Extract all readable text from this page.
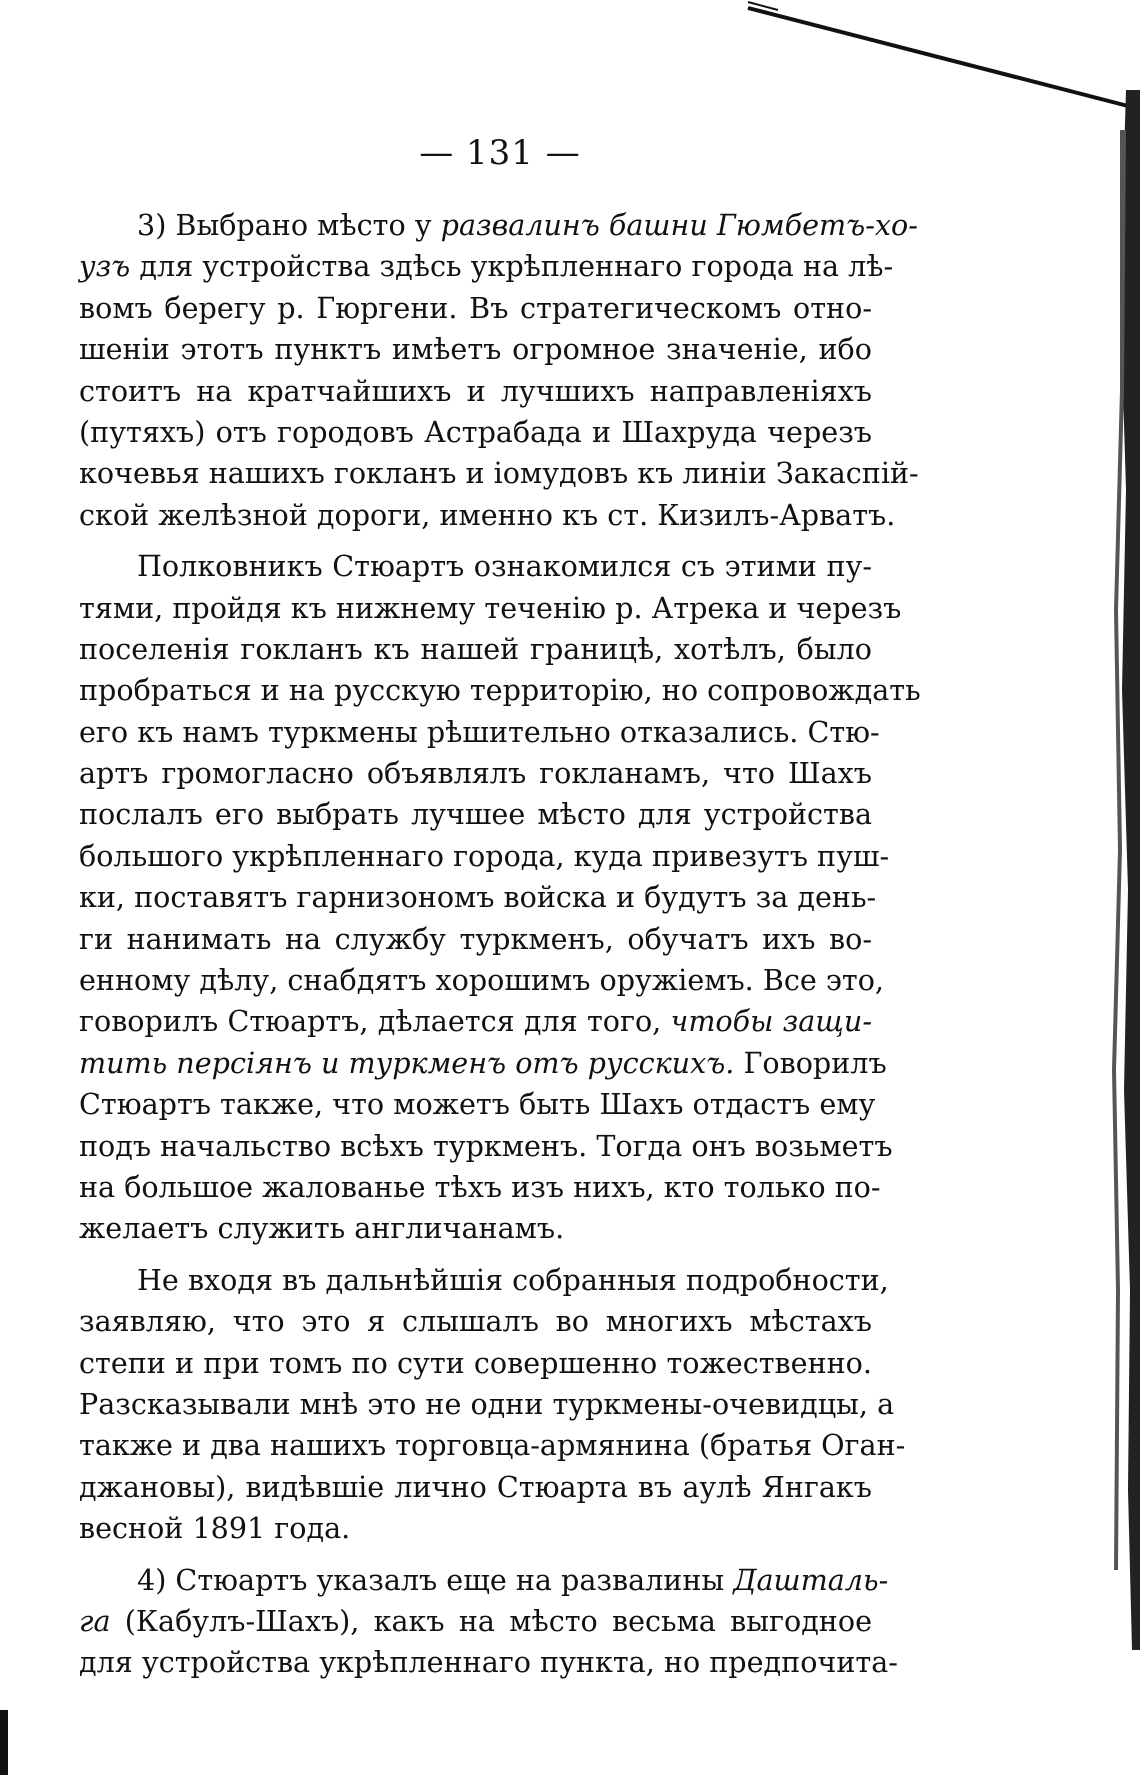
— 131 —
3) Выбрано мѣсто у развалинъ башни Гюмбетъ-хо-
узъ для устройства здѣсь укрѣпленнаго города на лѣ-
вомъ берегу р. Гюргени. Въ стратегическомъ отно-
шеніи этотъ пунктъ имѣетъ огромное значеніе, ибо
стоитъ на кратчайшихъ и лучшихъ направленіяхъ
(путяхъ) отъ городовъ Астрабада и Шахруда черезъ
кочевья нашихъ гокланъ и іомудовъ къ линіи Закаспій-
ской желѣзной дороги, именно къ ст. Кизилъ-Арватъ.
Полковникъ Стюартъ ознакомился съ этими пу-
тями, пройдя къ нижнему теченію р. Атрека и черезъ
поселенія гокланъ къ нашей границѣ, хотѣлъ, было
пробраться и на русскую территорію, но сопровождать
его къ намъ туркмены рѣшительно отказались. Стю-
артъ громогласно объявлялъ гокланамъ, что Шахъ
послалъ его выбрать лучшее мѣсто для устройства
большого укрѣпленнаго города, куда привезутъ пуш-
ки, поставятъ гарнизономъ войска и будутъ за день-
ги нанимать на службу туркменъ, обучатъ ихъ во-
енному дѣлу, снабдятъ хорошимъ оружіемъ. Все это,
говорилъ Стюартъ, дѣлается для того, чтобы защи-
тить персіянъ и туркменъ отъ русскихъ. Говорилъ
Стюартъ также, что можетъ быть Шахъ отдастъ ему
подъ начальство всѣхъ туркменъ. Тогда онъ возьметъ
на большое жалованье тѣхъ изъ нихъ, кто только по-
желаетъ служить англичанамъ.
Не входя въ дальнѣйшія собранныя подробности,
заявляю, что это я слышалъ во многихъ мѣстахъ
степи и при томъ по сути совершенно тожественно.
Разсказывали мнѣ это не одни туркмены-очевидцы, а
также и два нашихъ торговца-армянина (братья Оган-
джановы), видѣвшіе лично Стюарта въ аулѣ Янгакъ
весной 1891 года.
4) Стюартъ указалъ еще на развалины Дашталь-
га (Кабулъ-Шахъ), какъ на мѣсто весьма выгодное
для устройства укрѣпленнаго пункта, но предпочита-
